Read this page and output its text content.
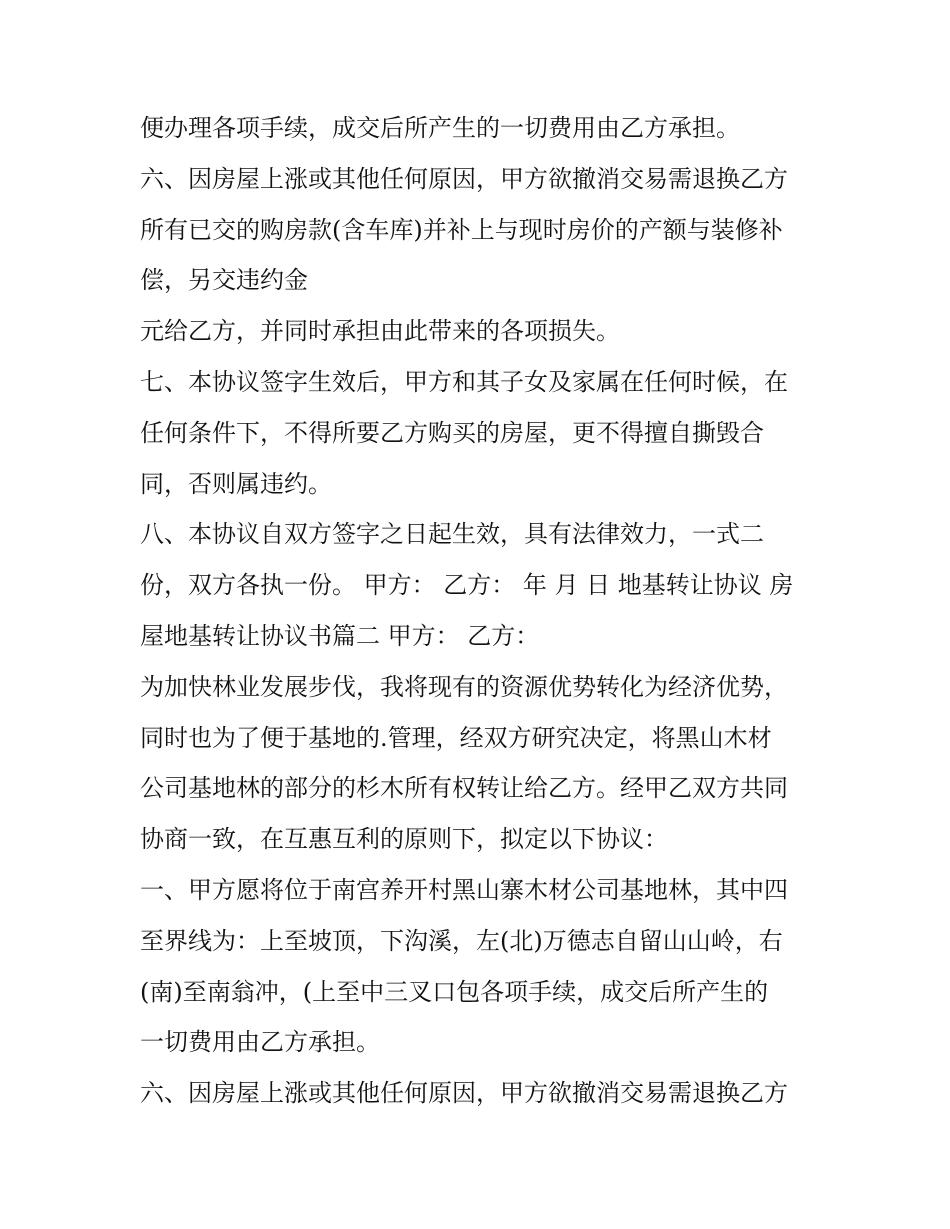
便办理各项手续，成交后所产生的一切费用由乙方承担。
六、因房屋上涨或其他任何原因，甲方欲撤消交易需退换乙方
所有已交的购房款(含车库)并补上与现时房价的产额与装修补
偿，另交违约金
元给乙方，并同时承担由此带来的各项损失。
七、本协议签字生效后，甲方和其子女及家属在任何时候，在
任何条件下，不得所要乙方购买的房屋，更不得擅自撕毁合
同，否则属违约。
八、本协议自双方签字之日起生效，具有法律效力，一式二
份，双方各执一份。 甲方： 乙方： 年 月 日 地基转让协议 房
屋地基转让协议书篇二 甲方： 乙方：
为加快林业发展步伐，我将现有的资源优势转化为经济优势，
同时也为了便于基地的.管理，经双方研究决定，将黑山木材
公司基地林的部分的杉木所有权转让给乙方。经甲乙双方共同
协商一致，在互惠互利的原则下，拟定以下协议：
一、甲方愿将位于南宫养开村黑山寨木材公司基地林，其中四
至界线为：上至坡顶，下沟溪，左(北)万德志自留山山岭，右
(南)至南翁冲，(上至中三叉口包各项手续，成交后所产生的
一切费用由乙方承担。
六、因房屋上涨或其他任何原因，甲方欲撤消交易需退换乙方
